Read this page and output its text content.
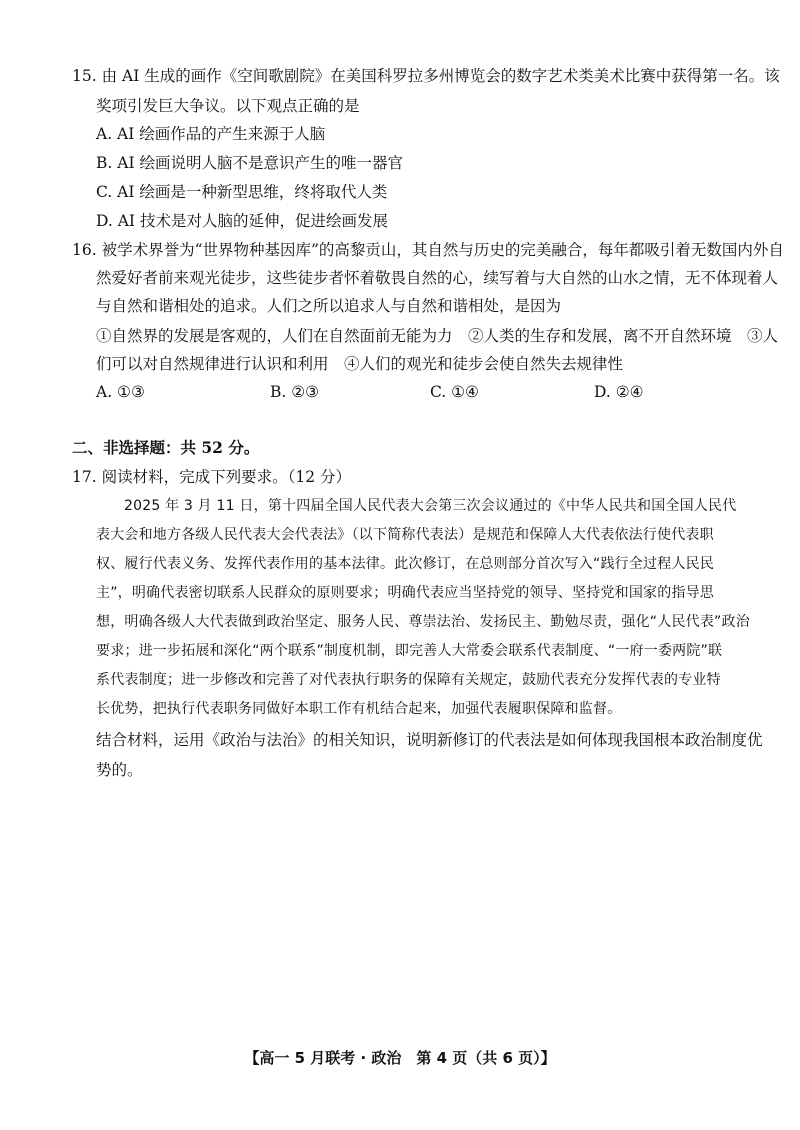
15. 由 AI 生成的画作《空间歌剧院》在美国科罗拉多州博览会的数字艺术类美术比赛中获得第一名。该
奖项引发巨大争议。以下观点正确的是
A. AI 绘画作品的产生来源于人脑
B. AI 绘画说明人脑不是意识产生的唯一器官
C. AI 绘画是一种新型思维，终将取代人类
D. AI 技术是对人脑的延伸，促进绘画发展
16. 被学术界誉为“世界物种基因库”的高黎贡山，其自然与历史的完美融合，每年都吸引着无数国内外自
然爱好者前来观光徒步，这些徒步者怀着敬畏自然的心，续写着与大自然的山水之情，无不体现着人
与自然和谐相处的追求。人们之所以追求人与自然和谐相处，是因为
①自然界的发展是客观的，人们在自然面前无能为力　②人类的生存和发展，离不开自然环境　③人
们可以对自然规律进行认识和利用　④人们的观光和徒步会使自然失去规律性
A. ①③	B. ②③	C. ①④	D. ②④
二、非选择题：共 52 分。
17. 阅读材料，完成下列要求。（12 分）
2025 年 3 月 11 日，第十四届全国人民代表大会第三次会议通过的《中华人民共和国全国人民代
表大会和地方各级人民代表大会代表法》（以下简称代表法）是规范和保障人大代表依法行使代表职
权、履行代表义务、发挥代表作用的基本法律。此次修订，在总则部分首次写入“践行全过程人民民
主”，明确代表密切联系人民群众的原则要求；明确代表应当坚持党的领导、坚持党和国家的指导思
想，明确各级人大代表做到政治坚定、服务人民、尊崇法治、发扬民主、勤勉尽责，强化“人民代表”政治
要求；进一步拓展和深化“两个联系”制度机制，即完善人大常委会联系代表制度、“一府一委两院”联
系代表制度；进一步修改和完善了对代表执行职务的保障有关规定，鼓励代表充分发挥代表的专业特
长优势，把执行代表职务同做好本职工作有机结合起来，加强代表履职保障和监督。
结合材料，运用《政治与法治》的相关知识，说明新修订的代表法是如何体现我国根本政治制度优
势的。
【高一 5 月联考 · 政治　第 4 页（共 6 页）】
